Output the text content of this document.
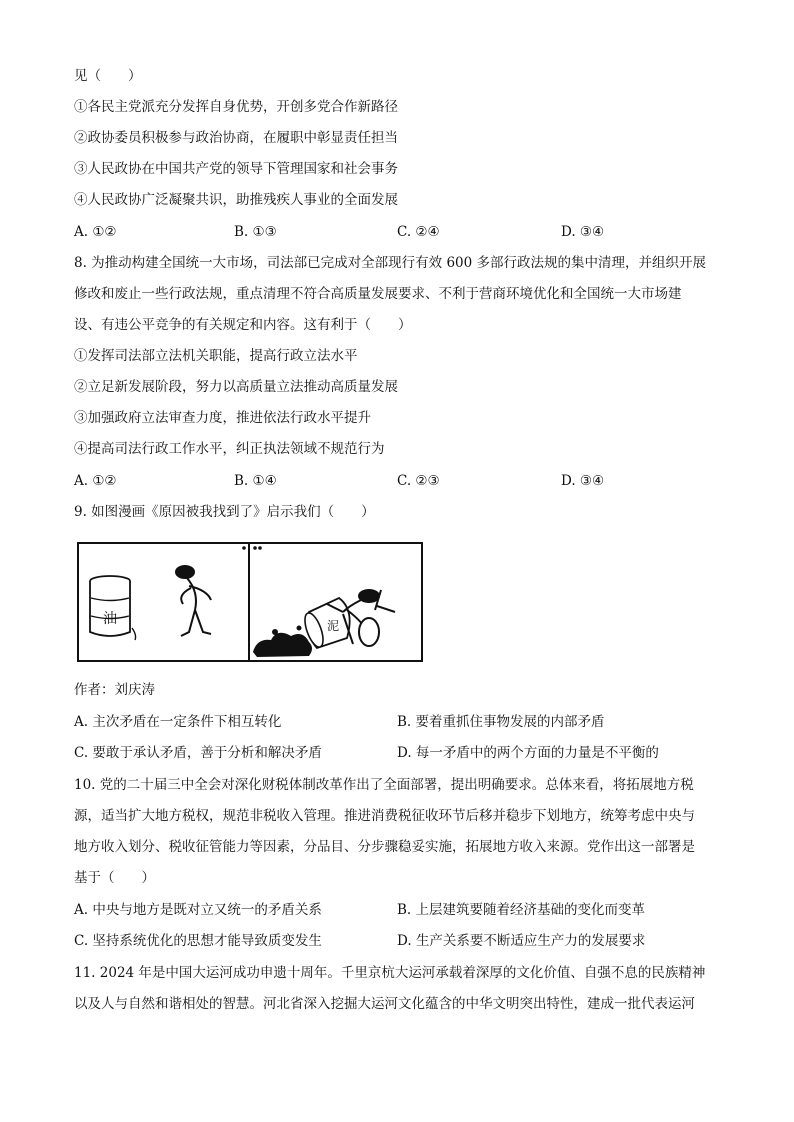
见（　　）
①各民主党派充分发挥自身优势，开创多党合作新路径
②政协委员积极参与政治协商，在履职中彰显责任担当
③人民政协在中国共产党的领导下管理国家和社会事务
④人民政协广泛凝聚共识，助推残疾人事业的全面发展
A. ①②	B. ①③	C. ②④	D. ③④
8. 为推动构建全国统一大市场，司法部已完成对全部现行有效 600 多部行政法规的集中清理，并组织开展
修改和废止一些行政法规，重点清理不符合高质量发展要求、不利于营商环境优化和全国统一大市场建
设、有违公平竞争的有关规定和内容。这有利于（　　）
①发挥司法部立法机关职能，提高行政立法水平
②立足新发展阶段，努力以高质量立法推动高质量发展
③加强政府立法审查力度，推进依法行政水平提升
④提高司法行政工作水平，纠正执法领域不规范行为
A. ①②	B. ①④	C. ②③	D. ③④
9. 如图漫画《原因被我找到了》启示我们（　　）
油	泥
作者：刘庆涛
A. 主次矛盾在一定条件下相互转化	B. 要着重抓住事物发展的内部矛盾
C. 要敢于承认矛盾，善于分析和解决矛盾	D. 每一矛盾中的两个方面的力量是不平衡的
10. 党的二十届三中全会对深化财税体制改革作出了全面部署，提出明确要求。总体来看，将拓展地方税
源，适当扩大地方税权，规范非税收入管理。推进消费税征收环节后移并稳步下划地方，统筹考虑中央与
地方收入划分、税收征管能力等因素，分品目、分步骤稳妥实施，拓展地方收入来源。党作出这一部署是
基于（　　）
A. 中央与地方是既对立又统一的矛盾关系	B. 上层建筑要随着经济基础的变化而变革
C. 坚持系统优化的思想才能导致质变发生	D. 生产关系要不断适应生产力的发展要求
11. 2024 年是中国大运河成功申遗十周年。千里京杭大运河承载着深厚的文化价值、自强不息的民族精神
以及人与自然和谐相处的智慧。河北省深入挖掘大运河文化蕴含的中华文明突出特性，建成一批代表运河
